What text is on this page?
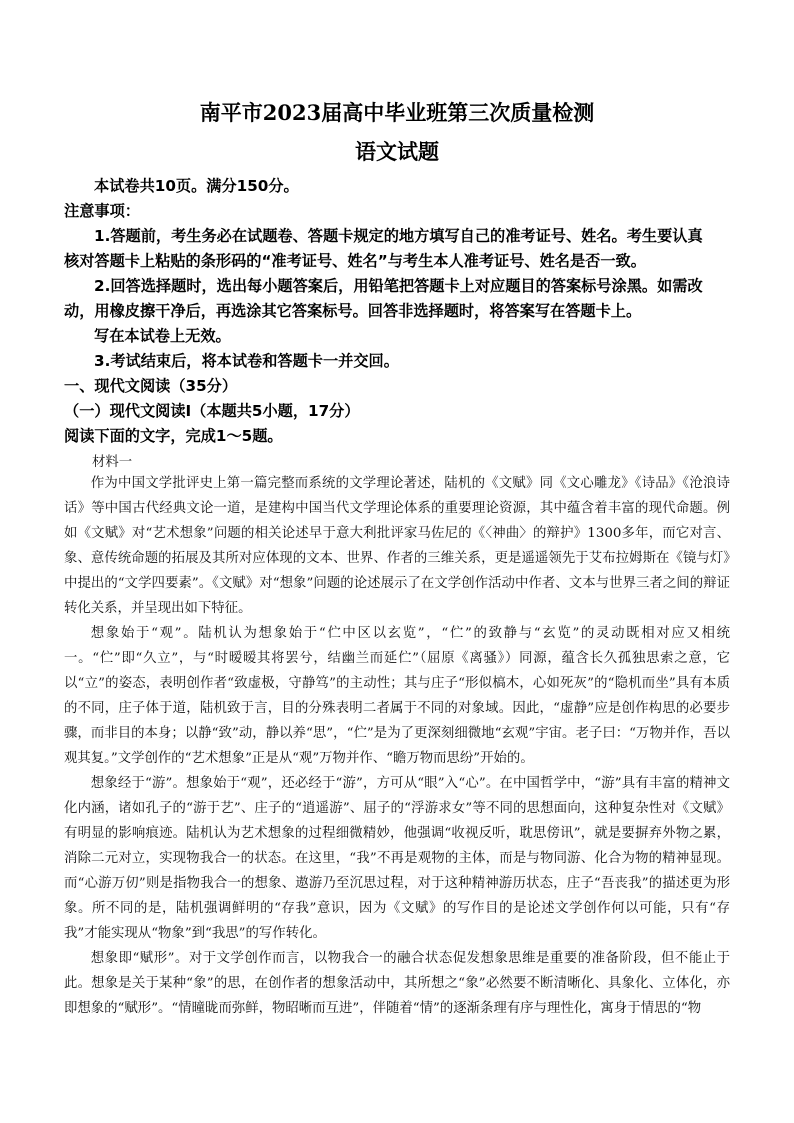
南平市2023届高中毕业班第三次质量检测
语文试题
本试卷共10页。满分150分。
注意事项：
1.答题前，考生务必在试题卷、答题卡规定的地方填写自己的准考证号、姓名。考生要认真
核对答题卡上粘贴的条形码的“准考证号、姓名”与考生本人准考证号、姓名是否一致。
2.回答选择题时，选出每小题答案后，用铅笔把答题卡上对应题目的答案标号涂黑。如需改
动，用橡皮擦干净后，再选涂其它答案标号。回答非选择题时，将答案写在答题卡上。
写在本试卷上无效。
3.考试结束后，将本试卷和答题卡一并交回。
一、现代文阅读（35分）
（一）现代文阅读Ⅰ（本题共5小题，17分）
阅读下面的文字，完成1～5题。
材料一

作为中国文学批评史上第一篇完整而系统的文学理论著述，陆机的《文赋》同《文心雕龙》《诗品》《沧浪诗话》等中国古代经典文论一道，是建构中国当代文学理论体系的重要理论资源，其中蕴含着丰富的现代命题。例如《文赋》对“艺术想象”问题的相关论述早于意大利批评家马佐尼的《〈神曲〉的辩护》1300多年，而它对言、象、意传统命题的拓展及其所对应体现的文本、世界、作者的三维关系，更是遥遥领先于艾布拉姆斯在《镜与灯》中提出的“文学四要素”。《文赋》对“想象”问题的论述展示了在文学创作活动中作者、文本与世界三者之间的辩证转化关系，并呈现出如下特征。

想象始于“观”。陆机认为想象始于“伫中区以玄览”，“伫”的致静与“玄览”的灵动既相对应又相统一。“伫”即“久立”，与“时暧暧其将罢兮，结幽兰而延伫”（屈原《离骚》）同源，蕴含长久孤独思索之意，它以“立”的姿态，表明创作者“致虚极，守静笃”的主动性；其与庄子“形似槁木，心如死灰”的“隐机而坐”具有本质的不同，庄子体于道，陆机致于言，目的分殊表明二者属于不同的对象域。因此，“虚静”应是创作构思的必要步骤，而非目的本身；以静“致”动，静以养“思”，“伫”是为了更深刻细微地“玄观”宇宙。老子曰：“万物并作，吾以观其复。”文学创作的“艺术想象”正是从“观”万物并作、“瞻万物而思纷”开始的。

想象经于“游”。想象始于“观”，还必经于“游”，方可从“眼”入“心”。在中国哲学中，“游”具有丰富的精神文化内涵，诸如孔子的“游于艺”、庄子的“逍遥游”、屈子的“浮游求女”等不同的思想面向，这种复杂性对《文赋》有明显的影响痕迹。陆机认为艺术想象的过程细微精妙，他强调“收视反听，耽思傍讯”，就是要摒弃外物之累，消除二元对立，实现物我合一的状态。在这里，“我”不再是观物的主体，而是与物同游、化合为物的精神显现。而“心游万仞”则是指物我合一的想象、遨游乃至沉思过程，对于这种精神游历状态，庄子“吾丧我”的描述更为形象。所不同的是，陆机强调鲜明的“存我”意识，因为《文赋》的写作目的是论述文学创作何以可能，只有“存我”才能实现从“物象”到“我思”的写作转化。

想象即“赋形”。对于文学创作而言，以物我合一的融合状态促发想象思维是重要的准备阶段，但不能止于此。想象是关于某种“象”的思，在创作者的想象活动中，其所想之“象”必然要不断清晰化、具象化、立体化，亦即想象的“赋形”。“情曈昽而弥鲜，物昭晰而互进”，伴随着“情”的逐渐条理有序与理性化，寓身于情思的“物
